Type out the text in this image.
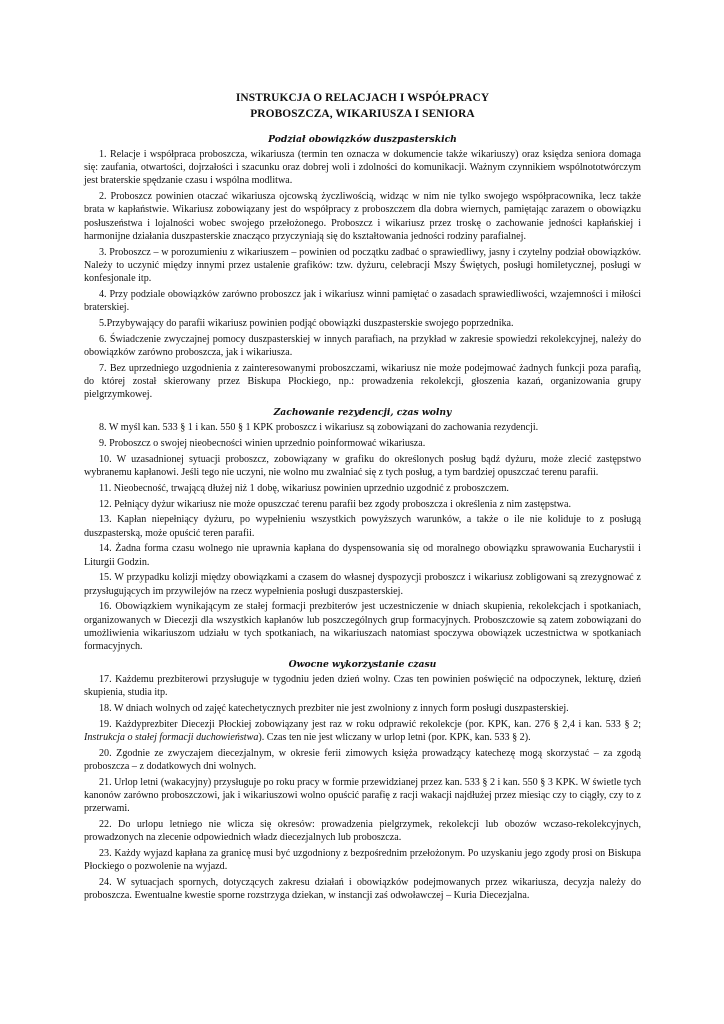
INSTRUKCJA O RELACJACH I WSPÓŁPRACY
PROBOSZCZA, WIKARIUSZA I SENIORA
Podział obowiązków duszpasterskich

1. Relacje i współpraca proboszcza, wikariusza (termin ten oznacza w dokumencie także wikariuszy) oraz księdza seniora domaga się: zaufania, otwartości, dojrzałości i szacunku oraz dobrej woli i zdolności do komunikacji. Ważnym czynnikiem wspólnototwórczym jest braterskie spędzanie czasu i wspólna modlitwa.

2. Proboszcz powinien otaczać wikariusza ojcowską życzliwością, widząc w nim nie tylko swojego współpracownika, lecz także brata w kapłaństwie. Wikariusz zobowiązany jest do współpracy z proboszczem dla dobra wiernych, pamiętając zarazem o obowiązku posłuszeństwa i lojalności wobec swojego przełożonego. Proboszcz i wikariusz przez troskę o zachowanie jedności kapłańskiej i harmonijne działania duszpasterskie znacząco przyczyniają się do kształtowania jedności rodziny parafialnej.

3. Proboszcz – w porozumieniu z wikariuszem – powinien od początku zadbać o sprawiedliwy, jasny i czytelny podział obowiązków. Należy to uczynić między innymi przez ustalenie grafików: tzw. dyżuru, celebracji Mszy Świętych, posługi homiletycznej, posługi w konfesjonale itp.

4. Przy podziale obowiązków zarówno proboszcz jak i wikariusz winni pamiętać o zasadach sprawiedliwości, wzajemności i miłości braterskiej.

5.Przybywający do parafii wikariusz powinien podjąć obowiązki duszpasterskie swojego poprzednika.

6. Świadczenie zwyczajnej pomocy duszpasterskiej w innych parafiach, na przykład w zakresie spowiedzi rekolekcyjnej, należy do obowiązków zarówno proboszcza, jak i wikariusza.

7. Bez uprzedniego uzgodnienia z zainteresowanymi proboszczami, wikariusz nie może podejmować żadnych funkcji poza parafią, do której został skierowany przez Biskupa Płockiego, np.: prowadzenia rekolekcji, głoszenia kazań, organizowania grupy pielgrzymkowej.

Zachowanie rezydencji, czas wolny

8. W myśl kan. 533 § 1 i kan. 550 § 1 KPK proboszcz i wikariusz są zobowiązani do zachowania rezydencji.

9. Proboszcz o swojej nieobecności winien uprzednio poinformować wikariusza.

10. W uzasadnionej sytuacji proboszcz, zobowiązany w grafiku do określonych posług bądź dyżuru, może zlecić zastępstwo wybranemu kapłanowi. Jeśli tego nie uczyni, nie wolno mu zwalniać się z tych posług, a tym bardziej opuszczać terenu parafii.

11. Nieobecność, trwającą dłużej niż 1 dobę, wikariusz powinien uprzednio uzgodnić z proboszczem.

12. Pełniący dyżur wikariusz nie może opuszczać terenu parafii bez zgody proboszcza i określenia z nim zastępstwa.

13. Kapłan niepełniący dyżuru, po wypełnieniu wszystkich powyższych warunków, a także o ile nie koliduje to z posługą duszpasterską, może opuścić teren parafii.

14. Żadna forma czasu wolnego nie uprawnia kapłana do dyspensowania się od moralnego obowiązku sprawowania Eucharystii i Liturgii Godzin.

15. W przypadku kolizji między obowiązkami a czasem do własnej dyspozycji proboszcz i wikariusz zobligowani są zrezygnować z przysługujących im przywilejów na rzecz wypełnienia posługi duszpasterskiej.

16. Obowiązkiem wynikającym ze stałej formacji prezbiterów jest uczestniczenie w dniach skupienia, rekolekcjach i spotkaniach, organizowanych w Diecezji dla wszystkich kapłanów lub poszczególnych grup formacyjnych. Proboszczowie są zatem zobowiązani do umożliwienia wikariuszom udziału w tych spotkaniach, na wikariuszach natomiast spoczywa obowiązek uczestnictwa w spotkaniach formacyjnych.

Owocne wykorzystanie czasu

17. Każdemu prezbiterowi przysługuje w tygodniu jeden dzień wolny. Czas ten powinien poświęcić na odpoczynek, lekturę, dzień skupienia, studia itp.

18. W dniach wolnych od zajęć katechetycznych prezbiter nie jest zwolniony z innych form posługi duszpasterskiej.

19. Każdyprezbiter Diecezji Płockiej zobowiązany jest raz w roku odprawić rekolekcje (por. KPK, kan. 276 § 2,4 i kan. 533 § 2; Instrukcja o stałej formacji duchowieństwa). Czas ten nie jest wliczany w urlop letni (por. KPK, kan. 533 § 2).

20. Zgodnie ze zwyczajem diecezjalnym, w okresie ferii zimowych księża prowadzący katechezę mogą skorzystać – za zgodą proboszcza – z dodatkowych dni wolnych.

21. Urlop letni (wakacyjny) przysługuje po roku pracy w formie przewidzianej przez kan. 533 § 2 i kan. 550 § 3 KPK. W świetle tych kanonów zarówno proboszczowi, jak i wikariuszowi wolno opuścić parafię z racji wakacji najdłużej przez miesiąc czy to ciągły, czy to z przerwami.

22. Do urlopu letniego nie wlicza się okresów: prowadzenia pielgrzymek, rekolekcji lub obozów wczaso-rekolekcyjnych, prowadzonych na zlecenie odpowiednich władz diecezjalnych lub proboszcza.

23. Każdy wyjazd kapłana za granicę musi być uzgodniony z bezpośrednim przełożonym. Po uzyskaniu jego zgody prosi on Biskupa Płockiego o pozwolenie na wyjazd.

24. W sytuacjach spornych, dotyczących zakresu działań i obowiązków podejmowanych przez wikariusza, decyzja należy do proboszcza. Ewentualne kwestie sporne rozstrzyga dziekan, w instancji zaś odwoławczej – Kuria Diecezjalna.
